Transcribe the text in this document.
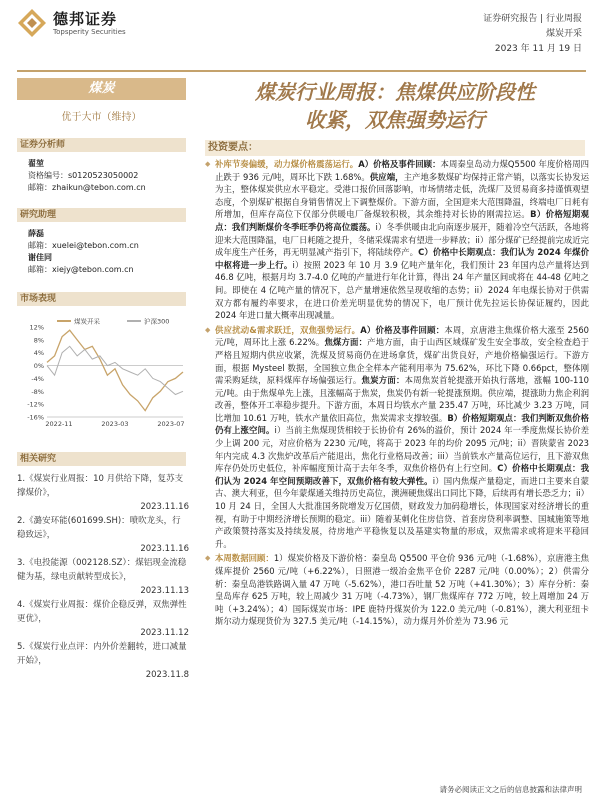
德邦证券
Topsperity Securities
证券研究报告 | 行业周报
煤炭开采
2023 年 11 月 19 日
煤炭
优于大市（维持）
证券分析师
翟堃
资格编号：s0120523050002
邮箱：zhaikun@tebon.com.cn
研究助理
薛磊
邮箱：xuelei@tebon.com.cn
谢佳同
邮箱：xiejy@tebon.com.cn
市场表现
12%
8%
4%
0%
-4%
-8%
-12%
-16%
2022-11	2023-03	2023-07
煤炭开采	沪深300
相关研究
1.《煤炭行业周报：10 月供给下降，复苏支撑煤价》，
2023.11.16
2.《潞安环能(601699.SH)：喷吹龙头，行稳致远》，
2023.11.16
3.《电投能源（002128.SZ）：煤铝现金流稳健为基，绿电贡献转型成长》，
2023.11.13
4.《煤炭行业周报：煤价企稳反弹，双焦弹性更优》，
2023.11.12
5.《煤炭行业点评：内外价差翻转，进口减量开始》，
2023.11.8
煤炭行业周报：焦煤供应阶段性
收紧，双焦强势运行
投资要点：
◆ 补库节奏偏缓，动力煤价格震荡运行。A）价格及事件回顾：本周秦皇岛动力煤Q5500 年度价格周四止跌于 936 元/吨，周环比下跌 1.68%。供应端，主产地多数煤矿均保持正常产销，以落实长协发运为主，整体煤炭供应水平稳定。受港口报价回落影响，市场情绪走低，洗煤厂及贸易商多持谨慎观望态度，个别煤矿根据自身销售情况上下调整煤价。下游方面，全国迎来大范围降温，终端电厂日耗有所增加，但库存高位下仅部分供暖电厂备煤较积极，其余维持对长协的刚需拉运。B）价格短期观点：我们判断煤价冬季旺季仍将高位震荡。i）冬季供暖由北向南逐步展开，随着冷空气活跃，各地将迎来大范围降温，电厂日耗随之提升，冬储采煤需求有望进一步释放；ii）部分煤矿已经提前完成近完成年度生产任务，再无明显减产指引下，将陆续停产。C）价格中长期观点：我们认为 2024 年煤价中枢将进一步上行。i）按照 2023 年 10 月 3.9 亿吨产量年化，我们预计 23 年国内总产量将达到 46.8 亿吨，根据月均 3.7-4.0 亿吨的产量进行年化计算，得出 24 年产量区间或将在 44-48 亿吨之间。即使在 4 亿吨产量的情况下，总产量增速依然呈现收缩的态势；ii）2024 年电煤长协对于供需双方都有履约率要求，在进口价差光明显优势的情况下，电厂预计优先拉运长协保证履约，因此 2024 年进口量大概率出现减量。
◆ 供应扰动&需求跃迁，双焦强势运行。A）价格及事件回顾：本周，京唐港主焦煤价格大涨至 2560 元/吨，周环比上涨 6.22%。焦煤方面：产地方面，由于山西区域煤矿发生安全事故，安全检查趋于严格且短期内供应收紧，洗煤及贸易商仍在进场拿货，煤矿出货良好，产地价格偏强运行。下游方面，根据 Mysteel 数据，全国独立焦企全样本产能利用率为 75.62%，环比下降 0.66pct，整体刚需采购延续，原料煤库存场偏强运行。焦炭方面：本周焦炭首轮提涨开始执行落地，涨幅 100-110 元/吨。由于焦煤单先上涨，且涨幅高于焦炭，焦炭仍有新一轮提涨预期。供应端，提涨助力焦企利润改善，整体开工率稳步提升。下游方面，本周日均铁水产量 235.47 万吨，环比减少 3.23 万吨，同比增加 10.61 万吨，铁水产量依旧高位，焦炭需求支撑较强。B）价格短期观点：我们判断双焦价格仍有上涨空间。i）当前主焦煤现货相较于长协价有 26%的溢价，预计 2024 年一季度焦煤长协价差少上调 200 元，对应价格为 2230 元/吨，将高于 2023 年的均价 2095 元/吨；ii）晋陕蒙省 2023 年内完成 4.3 次焦炉改革后产能退出，焦化行业格局改善；iii）当前铁水产量高位运行，且下游双焦库存仍处历史低位，补库幅度预计高于去年冬季，双焦价格仍有上行空间。C）价格中长期观点：我们认为 2024 年空间预期改善下，双焦价格有较大弹性。i）国内焦煤产量稳定，而进口主要来自蒙古、澳大利亚，但今年蒙煤通关维持历史高位，澳洲硬焦煤出口同比下降，后续再有增长恐乏力；ii）10 月 24 日，全国人大批准国务院增发万亿国债，财政发力加码稳增长，体现国家对经济增长的重视，有助于中期经济增长预期的稳定。iii）随着某刺化住房信贷、首套房贷利率调整、国城施策等地产政策赞持落实及持续发展，待房地产平稳恢复以及基建实物量的形成，双焦需求或将迎来平稳回升。
◆ 本周数据回顾：1）煤炭价格及下游价格：秦皇岛 Q5500 平仓价 936 元/吨（-1.68%），京唐港主焦煤库提价 2560 元/吨（+6.22%），日照港一级冶金焦平仓价 2287 元/吨（0.00%）；2）供需分析：秦皇岛港铁路调入量 47 万吨（-5.62%），港口吞吐量 52 万吨（+41.30%）；3）库存分析：秦皇岛库存 625 万吨，较上周减少 31 万吨（-4.73%），钢厂焦煤库存 772 万吨，较上周增加 24 万吨（+3.24%）；4）国际煤炭市场：IPE 鹿特丹煤炭价为 122.0 美元/吨（-0.81%），澳大利亚纽卡斯尔动力煤现货价为 327.5 美元/吨（-14.15%），动力煤月外价差为 73.96 元
请务必阅读正文之后的信息披露和法律声明
